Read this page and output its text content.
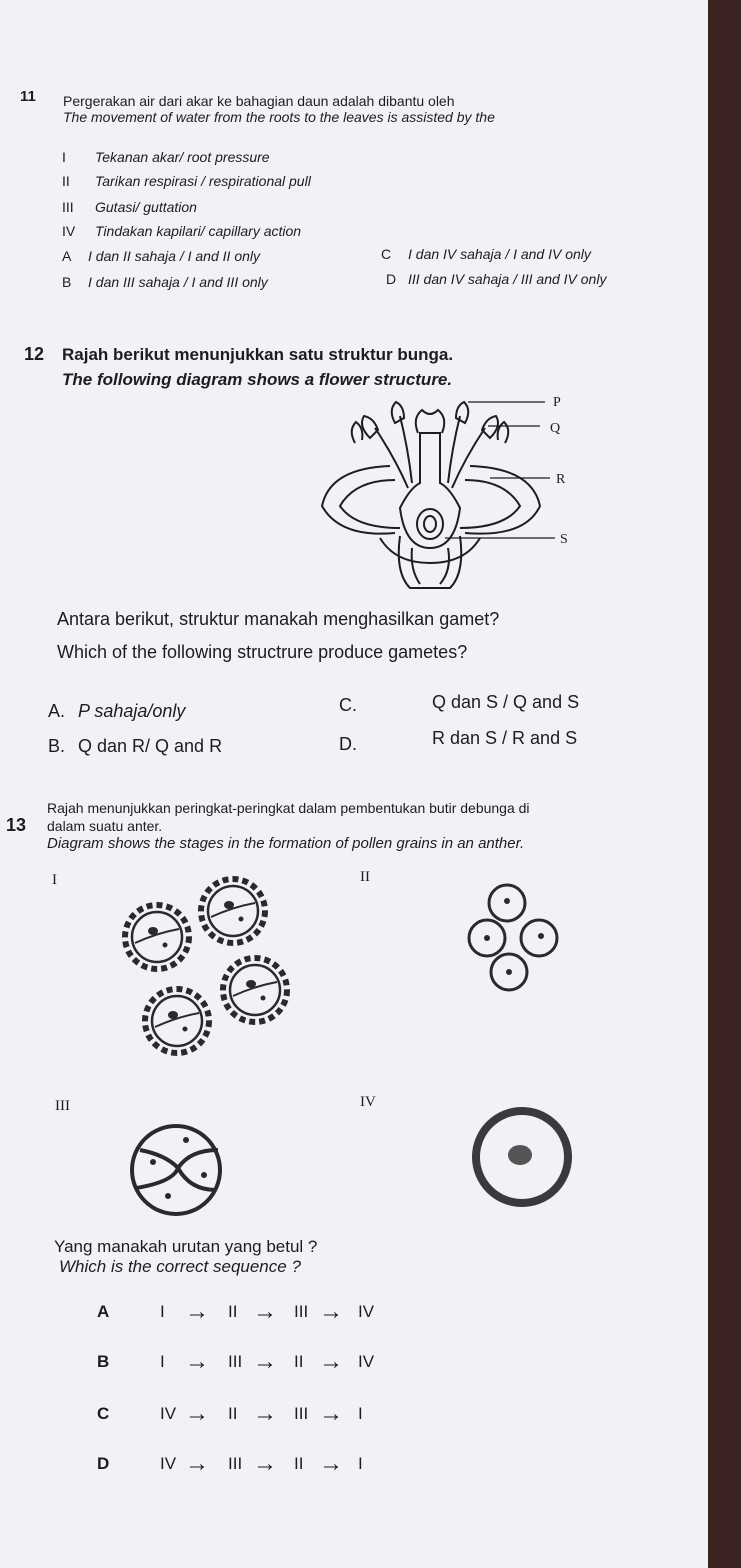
11 Pergerakan air dari akar ke bahagian daun adalah dibantu oleh
The movement of water from the roots to the leaves is assisted by the
I Tekanan akar/ root pressure
II Tarikan respirasi / respirational pull
III Gutasi/ guttation
IV Tindakan kapilari/ capillary action
A I dan II sahaja / I and II only
B I dan III sahaja / I and III only
C I dan IV sahaja / I and IV only
D III dan IV sahaja / III and IV only
12 Rajah berikut menunjukkan satu struktur bunga.
The following diagram shows a flower structure.
P
Q
R
S
Antara berikut, struktur manakah menghasilkan gamet?
Which of the following structrure produce gametes?
A. P sahaja/only
B. Q dan R/ Q and R
C.	Q dan S / Q and S
D.	R dan S / R and S
13
Rajah menunjukkan peringkat-peringkat dalam pembentukan butir debunga di
dalam suatu anter.
Diagram shows the stages in the formation of pollen grains in an anther.
I	II
III	IV
Yang manakah urutan yang betul ?
Which is the correct sequence ?
A	I → II → III → IV
B	I → III → II → IV
C	IV → II → III → I
D	IV → III → II → I
